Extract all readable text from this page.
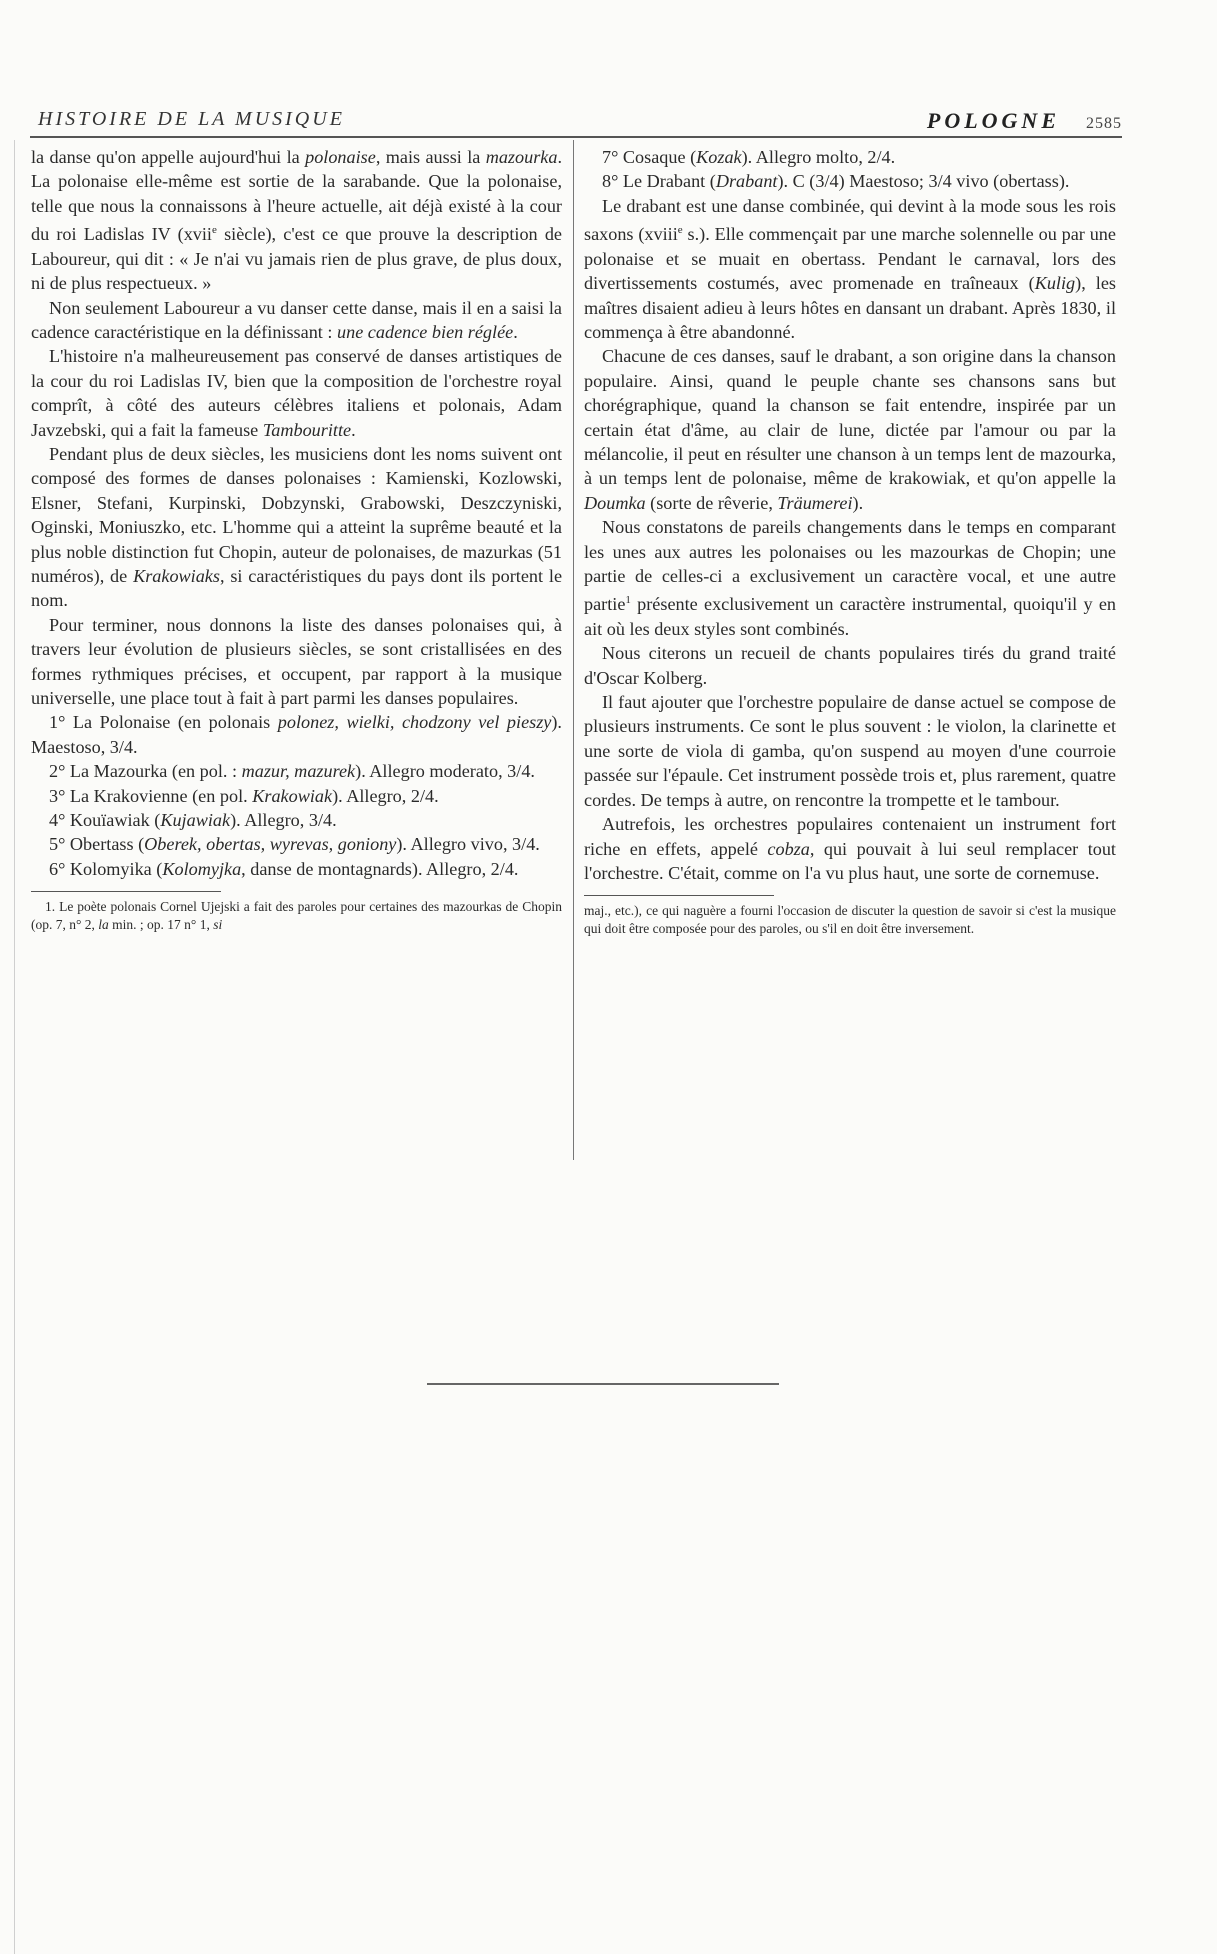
HISTOIRE DE LA MUSIQUE	POLOGNE 2585

la danse qu'on appelle aujourd'hui la polonaise, mais aussi la mazourka. La polonaise elle-même est sortie de la sarabande. Que la polonaise, telle que nous la connaissons à l'heure actuelle, ait déjà existé à la cour du roi Ladislas IV (xvii$^e$ siècle), c'est ce que prouve la description de Laboureur, qui dit : « Je n'ai vu jamais rien de plus grave, de plus doux, ni de plus respectueux. »

Non seulement Laboureur a vu danser cette danse, mais il en a saisi la cadence caractéristique en la définissant : une cadence bien réglée.

L'histoire n'a malheureusement pas conservé de danses artistiques de la cour du roi Ladislas IV, bien que la composition de l'orchestre royal comprît, à côté des auteurs célèbres italiens et polonais, Adam Javzebski, qui a fait la fameuse Tambouritte.

Pendant plus de deux siècles, les musiciens dont les noms suivent ont composé des formes de danses polonaises : Kamienski, Kozlowski, Elsner, Stefani, Kurpinski, Dobzynski, Grabowski, Deszczyniski, Oginski, Moniuszko, etc. L'homme qui a atteint la suprême beauté et la plus noble distinction fut Chopin, auteur de polonaises, de mazurkas (51 numéros), de Krakowiaks, si caractéristiques du pays dont ils portent le nom.

Pour terminer, nous donnons la liste des danses polonaises qui, à travers leur évolution de plusieurs siècles, se sont cristallisées en des formes rythmiques précises, et occupent, par rapport à la musique universelle, une place tout à fait à part parmi les danses populaires.

1° La Polonaise (en polonais polonez, wielki, chodzony vel pieszy). Maestoso, 3/4.

2° La Mazourka (en pol. : mazur, mazurek). Allegro moderato, 3/4.

3° La Krakovienne (en pol. Krakowiak). Allegro, 2/4.

4° Kouïawiak (Kujawiak). Allegro, 3/4.

5° Obertass (Oberek, obertas, wyrevas, goniony). Allegro vivo, 3/4.

6° Kolomyika (Kolomyjka, danse de montagnards). Allegro, 2/4.

1. Le poète polonais Cornel Ujejski a fait des paroles pour certaines des mazourkas de Chopin (op. 7, n° 2, la min. ; op. 17 n° 1, si

7° Cosaque (Kozak). Allegro molto, 2/4.

8° Le Drabant (Drabant). C (3/4) Maestoso; 3/4 vivo (obertass).

Le drabant est une danse combinée, qui devint à la mode sous les rois saxons (xviii$^e$ s.). Elle commençait par une marche solennelle ou par une polonaise et se muait en obertass. Pendant le carnaval, lors des divertissements costumés, avec promenade en traîneaux (Kulig), les maîtres disaient adieu à leurs hôtes en dansant un drabant. Après 1830, il commença à être abandonné.

Chacune de ces danses, sauf le drabant, a son origine dans la chanson populaire. Ainsi, quand le peuple chante ses chansons sans but chorégraphique, quand la chanson se fait entendre, inspirée par un certain état d'âme, au clair de lune, dictée par l'amour ou par la mélancolie, il peut en résulter une chanson à un temps lent de mazourka, à un temps lent de polonaise, même de krakowiak, et qu'on appelle la Doumka (sorte de rêverie, Träumerei).

Nous constatons de pareils changements dans le temps en comparant les unes aux autres les polonaises ou les mazourkas de Chopin; une partie de celles-ci a exclusivement un caractère vocal, et une autre partie$^1$ présente exclusivement un caractère instrumental, quoiqu'il y en ait où les deux styles sont combinés.

Nous citerons un recueil de chants populaires tirés du grand traité d'Oscar Kolberg.

Il faut ajouter que l'orchestre populaire de danse actuel se compose de plusieurs instruments. Ce sont le plus souvent : le violon, la clarinette et une sorte de viola di gamba, qu'on suspend au moyen d'une courroie passée sur l'épaule. Cet instrument possède trois et, plus rarement, quatre cordes. De temps à autre, on rencontre la trompette et le tambour.

Autrefois, les orchestres populaires contenaient un instrument fort riche en effets, appelé cobza, qui pouvait à lui seul remplacer tout l'orchestre. C'était, comme on l'a vu plus haut, une sorte de cornemuse.

maj., etc.), ce qui naguère a fourni l'occasion de discuter la question de savoir si c'est la musique qui doit être composée pour des paroles, ou s'il en doit être inversement.
